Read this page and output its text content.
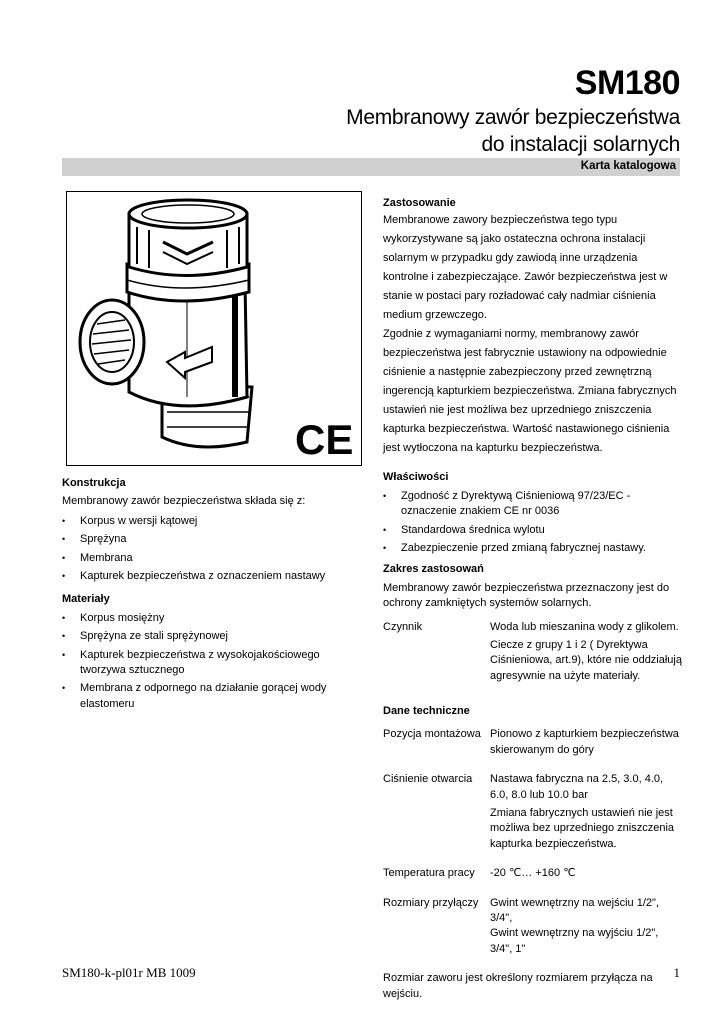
SM180
Membranowy zawór bezpieczeństwa
do instalacji solarnych
Karta katalogowa
CE
Konstrukcja

Membranowy zawór bezpieczeństwa składa się z:

• Korpus w wersji kątowej
• Sprężyna
• Membrana
• Kapturek bezpieczeństwa z oznaczeniem nastawy
Materiały
• Korpus mosiężny
• Sprężyna ze stali sprężynowej
• Kapturek bezpieczeństwa z wysokojakościowego tworzywa sztucznego
• Membrana z odpornego na działanie gorącej wody elastomeru
Zastosowanie

Membranowe zawory bezpieczeństwa tego typu wykorzystywane są jako ostateczna ochrona instalacji solarnym w przypadku gdy zawiodą inne urządzenia kontrolne i zabezpieczające. Zawór bezpieczeństwa jest w stanie w postaci pary rozładować cały nadmiar ciśnienia medium grzewczego.

Zgodnie z wymaganiami normy, membranowy zawór bezpieczeństwa jest fabrycznie ustawiony na odpowiednie ciśnienie a następnie zabezpieczony przed zewnętrzną ingerencją kapturkiem bezpieczeństwa. Zmiana fabrycznych ustawień nie jest możliwa bez uprzedniego zniszczenia kapturka bezpieczeństwa. Wartość nastawionego ciśnienia jest wytłoczona na kapturku bezpieczeństwa.

Właściwości
• Zgodność z Dyrektywą Ciśnieniową 97/23/EC - oznaczenie znakiem CE nr 0036
• Standardowa średnica wylotu
• Zabezpieczenie przed zmianą fabrycznej nastawy.
Zakres zastosowań

Membranowy zawór bezpieczeństwa przeznaczony jest do ochrony zamkniętych systemów solarnych.

Czynnik	Woda lub mieszanina wody z glikolem.
Ciecze z grupy 1 i 2 ( Dyrektywa Ciśnieniowa, art.9), które nie oddziałują agresywnie na użyte materiały.
Dane techniczne
Pozycja montażowa	Pionowo z kapturkiem bezpieczeństwa skierowanym do góry
Ciśnienie otwarcia	Nastawa fabryczna na 2.5, 3.0, 4.0, 6.0, 8.0 lub 10.0 bar
Zmiana fabrycznych ustawień nie jest możliwa bez uprzedniego zniszczenia kapturka bezpieczeństwa.

Temperatura pracy	-20 ℃… +160 ℃
Rozmiary przyłączy	Gwint wewnętrzny na wejściu 1/2", 3/4",
Gwint wewnętrzny na wyjściu 1/2", 3/4", 1"

Rozmiar zaworu jest określony rozmiarem przyłącza na wejściu.

SM180-k-pl01r MB 1009	1
